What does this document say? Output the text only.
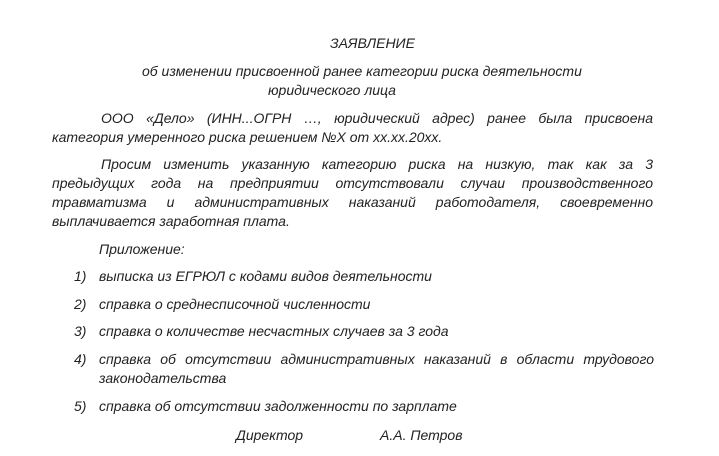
ЗАЯВЛЕНИЕ
об изменении присвоенной ранее категории риска деятельности
юридического лица
ООО «Дело» (ИНН...ОГРН …, юридический адрес) ранее была присвоена категория умеренного риска решением №X от xx.xx.20xx.
Просим изменить указанную категорию риска на низкую, так как за 3 предыдущих года на предприятии отсутствовали случаи производственного травматизма и административных наказаний работодателя, своевременно выплачивается заработная плата.
Приложение:
1) выписка из ЕГРЮЛ с кодами видов деятельности
2) справка о среднесписочной численности
3) справка о количестве несчастных случаев за 3 года
4) справка об отсутствии административных наказаний в области трудового законодательства
5) справка об отсутствии задолженности по зарплате
Директор	А.А. Петров
